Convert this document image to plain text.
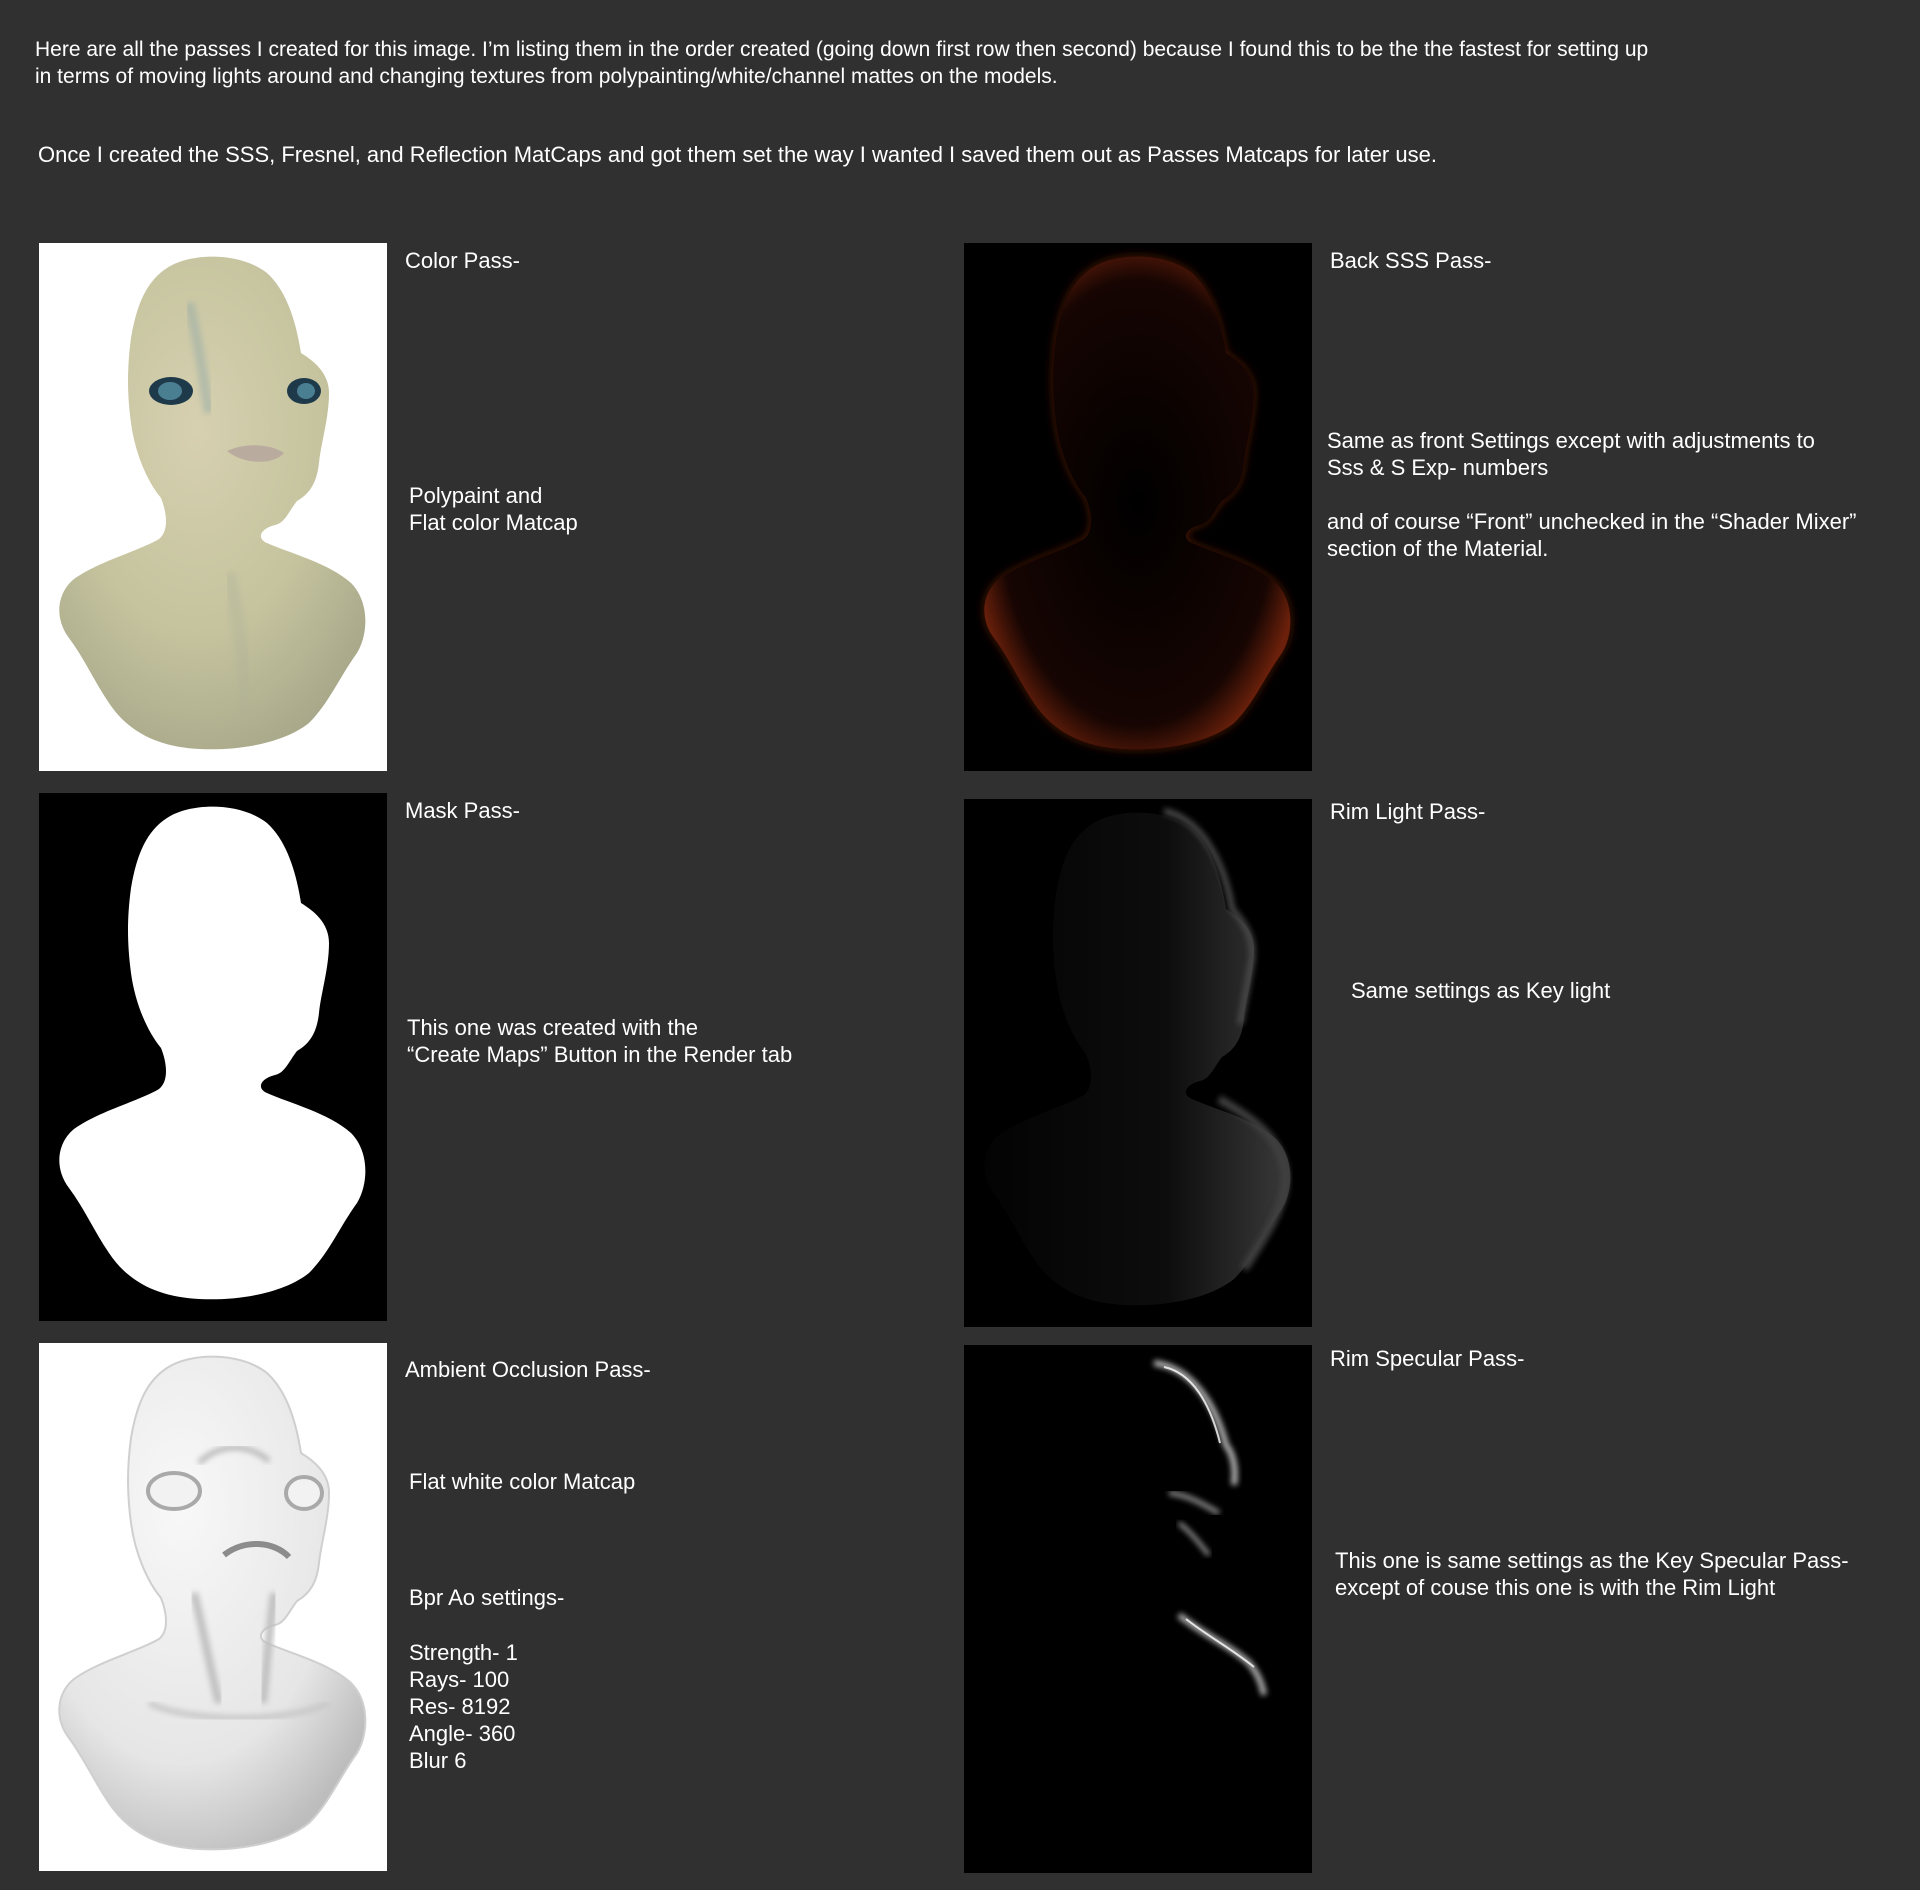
Here are all the passes I created for this image. I’m listing them in the order created (going down first row then second) because I found this to be the the fastest for setting up
in terms of moving lights around and changing textures from polypainting/white/channel mattes on the models.

Once I created the SSS, Fresnel, and Reflection MatCaps and got them set the way I wanted I saved them out as Passes Matcaps for later use.

Color Pass-

Polypaint and
Flat color Matcap

Mask Pass-

This one was created with the
“Create Maps” Button in the Render tab

Ambient Occlusion Pass-

Flat white color Matcap

Bpr Ao settings-

Strength- 1
Rays- 100
Res- 8192
Angle- 360
Blur 6

Back SSS Pass-

Same as front Settings except with adjustments to
Sss & S Exp- numbers

and of course “Front” unchecked in the “Shader Mixer”
section of the Material.

Rim Light Pass-

Same settings as Key light

Rim Specular Pass-

This one is same settings as the Key Specular Pass-
except of couse this one is with the Rim Light
